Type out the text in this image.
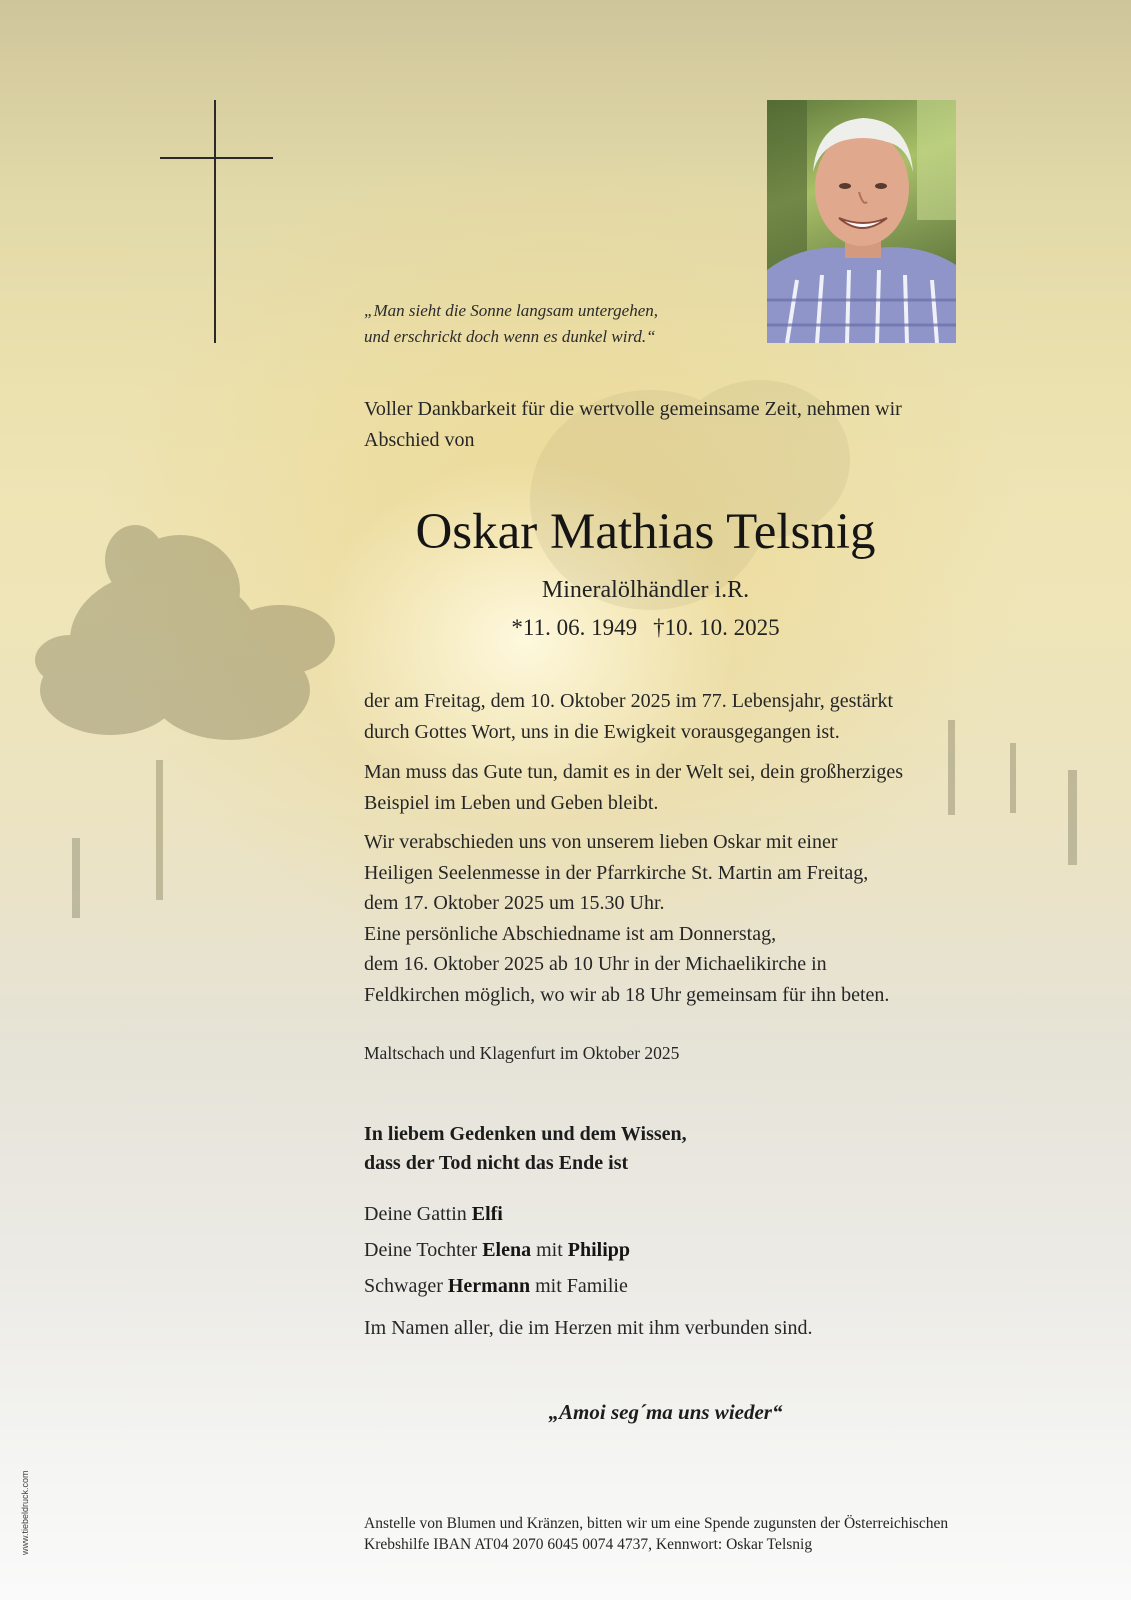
„Man sieht die Sonne langsam untergehen,
und erschrickt doch wenn es dunkel wird.“
Voller Dankbarkeit für die wertvolle gemeinsame Zeit, nehmen wir Abschied von
Oskar Mathias Telsnig
Mineralölhändler i.R.
*11. 06. 1949 †10. 10. 2025
der am Freitag, dem 10. Oktober 2025 im 77. Lebensjahr, gestärkt
durch Gottes Wort, uns in die Ewigkeit vorausgegangen ist.
Man muss das Gute tun, damit es in der Welt sei, dein großherziges
Beispiel im Leben und Geben bleibt.
Wir verabschieden uns von unserem lieben Oskar mit einer
Heiligen Seelenmesse in der Pfarrkirche St. Martin am Freitag,
dem 17. Oktober 2025 um 15.30 Uhr.
Eine persönliche Abschiedname ist am Donnerstag,
dem 16. Oktober 2025 ab 10 Uhr in der Michaelikirche in
Feldkirchen möglich, wo wir ab 18 Uhr gemeinsam für ihn beten.
Maltschach und Klagenfurt im Oktober 2025
In liebem Gedenken und dem Wissen,
dass der Tod nicht das Ende ist
Deine Gattin Elfi
Deine Tochter Elena mit Philipp
Schwager Hermann mit Familie
Im Namen aller, die im Herzen mit ihm verbunden sind.
„Amoi seg´ma uns wieder“
Anstelle von Blumen und Kränzen, bitten wir um eine Spende zugunsten der Österreichischen
Krebshilfe IBAN AT04 2070 6045 0074 4737, Kennwort: Oskar Telsnig
www.tiebeldruck.com
